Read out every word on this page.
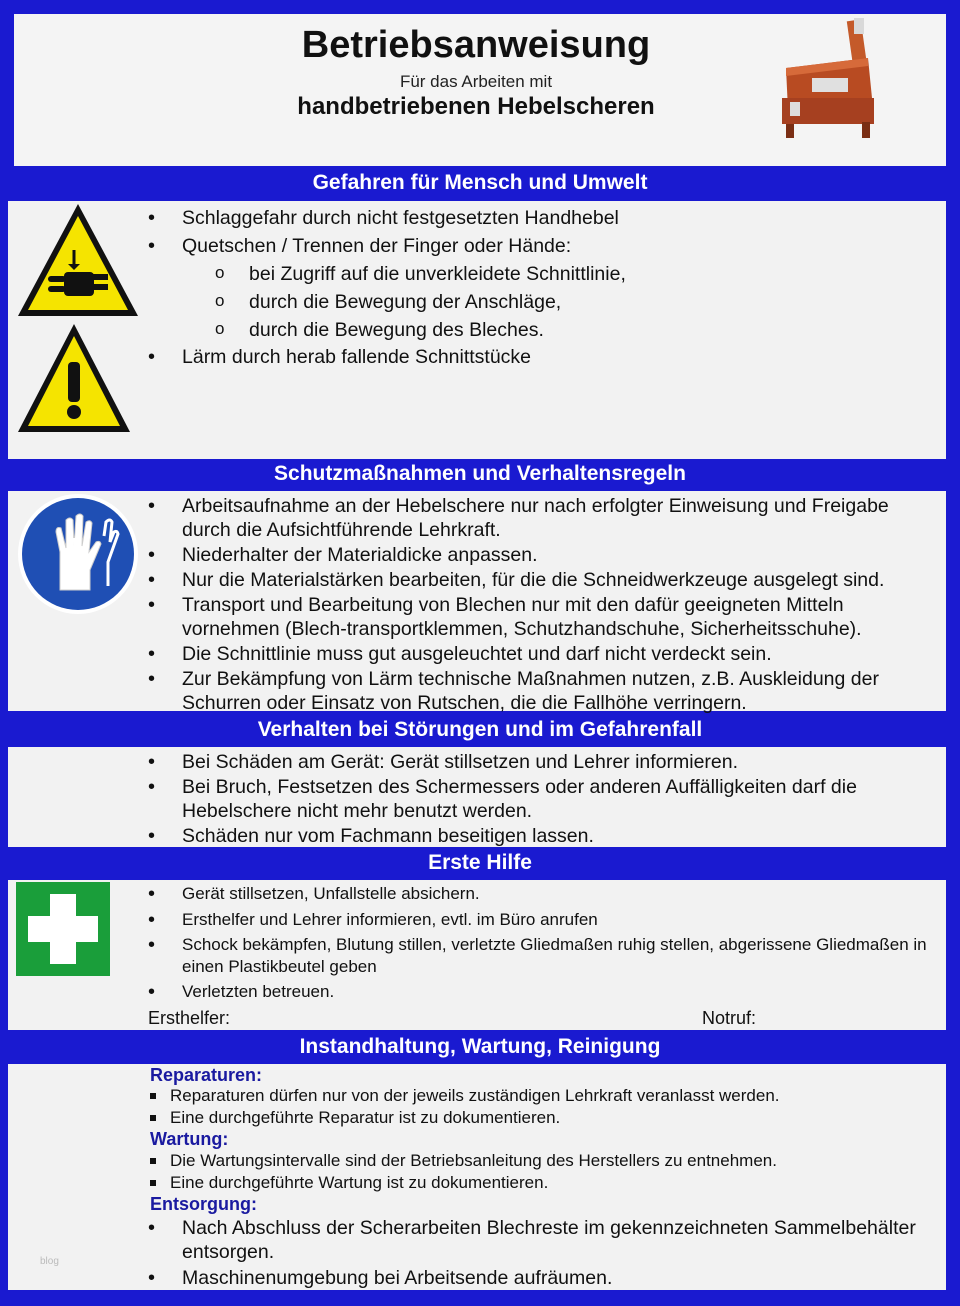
Betriebsanweisung
Für das Arbeiten mit
handbetriebenen Hebelscheren
Gefahren für Mensch und Umwelt
• Schlaggefahr durch nicht festgesetzten Handhebel
• Quetschen / Trennen der Finger oder Hände:
o bei Zugriff auf die unverkleidete Schnittlinie,
o durch die Bewegung der Anschläge,
o durch die Bewegung des Bleches.
• Lärm durch herab fallende Schnittstücke
Schutzmaßnahmen und Verhaltensregeln
• Arbeitsaufnahme an der Hebelschere nur nach erfolgter Einweisung und Freigabe durch die Aufsichtführende Lehrkraft.
• Niederhalter der Materialdicke anpassen.
• Nur die Materialstärken bearbeiten, für die die Schneidwerkzeuge ausgelegt sind.
• Transport und Bearbeitung von Blechen nur mit den dafür geeigneten Mitteln vornehmen (Blech-transportklemmen, Schutzhandschuhe, Sicherheitsschuhe).
• Die Schnittlinie muss gut ausgeleuchtet und darf nicht verdeckt sein.
• Zur Bekämpfung von Lärm technische Maßnahmen nutzen, z.B. Auskleidung der Schurren oder Einsatz von Rutschen, die die Fallhöhe verringern.
Verhalten bei Störungen und im Gefahrenfall
• Bei Schäden am Gerät: Gerät stillsetzen und Lehrer informieren.
• Bei Bruch, Festsetzen des Schermessers oder anderen Auffälligkeiten darf die Hebelschere nicht mehr benutzt werden.
• Schäden nur vom Fachmann beseitigen lassen.
Erste Hilfe
• Gerät stillsetzen, Unfallstelle absichern.
• Ersthelfer und Lehrer informieren, evtl. im Büro anrufen
• Schock bekämpfen, Blutung stillen, verletzte Gliedmaßen ruhig stellen, abgerissene Gliedmaßen in einen Plastikbeutel geben
• Verletzten betreuen.
Ersthelfer:	Notruf:
Instandhaltung, Wartung, Reinigung
Reparaturen:
Reparaturen dürfen nur von der jeweils zuständigen Lehrkraft veranlasst werden.
Eine durchgeführte Reparatur ist zu dokumentieren.
Wartung:
Die Wartungsintervalle sind der Betriebsanleitung des Herstellers zu entnehmen.
Eine durchgeführte Wartung ist zu dokumentieren.
Entsorgung:
• Nach Abschluss der Scherarbeiten Blechreste im gekennzeichneten Sammelbehälter entsorgen.
• Maschinenumgebung bei Arbeitsende aufräumen.
blog
